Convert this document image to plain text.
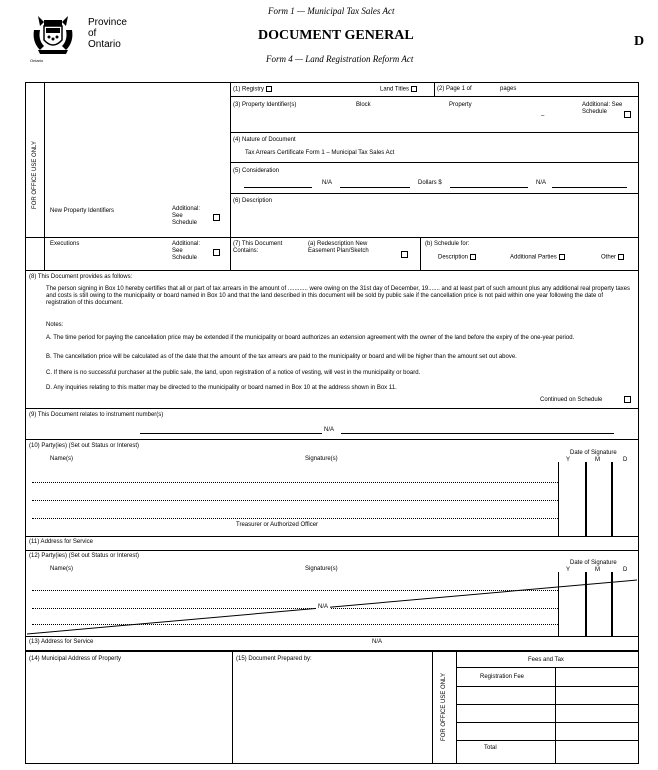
Ontario
Province
of
Ontario
Form 1 — Municipal Tax Sales Act
DOCUMENT GENERAL
Form 4 — Land Registration Reform Act
D
FOR OFFICE USE ONLY
(1) Registry	Land Titles	(2) Page 1 of	pages
(3) Property Identifier(s)	Block	Property
–
Additional: See Schedule
(4) Nature of Document
Tax Arrears Certificate Form 1 – Municipal Tax Sales Act
(5) Consideration
N/A	Dollars $	N/A
(6) Description
New Property Identifiers	Additional: See Schedule
Executions	Additional: See Schedule
(7) This Document Contains:
(a) Redescription New Easement Plan/Sketch
(b) Schedule for:
Description	Additional Parties	Other
(8) This Document provides as follows:
The person signing in Box 10 hereby certifies that all or part of tax arrears in the amount of ............ were owing on the 31st day of December, 19....... and at least part of such amount plus any additional real property taxes and costs is still owing to the municipality or board named in Box 10 and that the land described in this document will be sold by public sale if the cancellation price is not paid within one year following the date of registration of this document.
Notes:
A. The time period for paying the cancellation price may be extended if the municipality or board authorizes an extension agreement with the owner of the land before the expiry of the one-year period.
B. The cancellation price will be calculated as of the date that the amount of the tax arrears are paid to the municipality or board and will be higher than the amount set out above.
C. If there is no successful purchaser at the public sale, the land, upon registration of a notice of vesting, will vest in the municipality or board.
D. Any inquiries relating to this matter may be directed to the municipality or board named in Box 10 at the address shown in Box 11.
Continued on Schedule
(9) This Document relates to instrument number(s)
N/A
(10) Party(ies) (Set out Status or Interest)
Name(s)	Signature(s)
Date of Signature
Y	M	D
Treasurer or Authorized Officer
(11) Address for Service
(12) Party(ies) (Set out Status or Interest)
Name(s)	Signature(s)
Date of Signature
Y	M	D
N/A
(13) Address for Service	N/A
(14) Municipal Address of Property	(15) Document Prepared by:
FOR OFFICE USE ONLY
Fees and Tax
Registration Fee
Total
